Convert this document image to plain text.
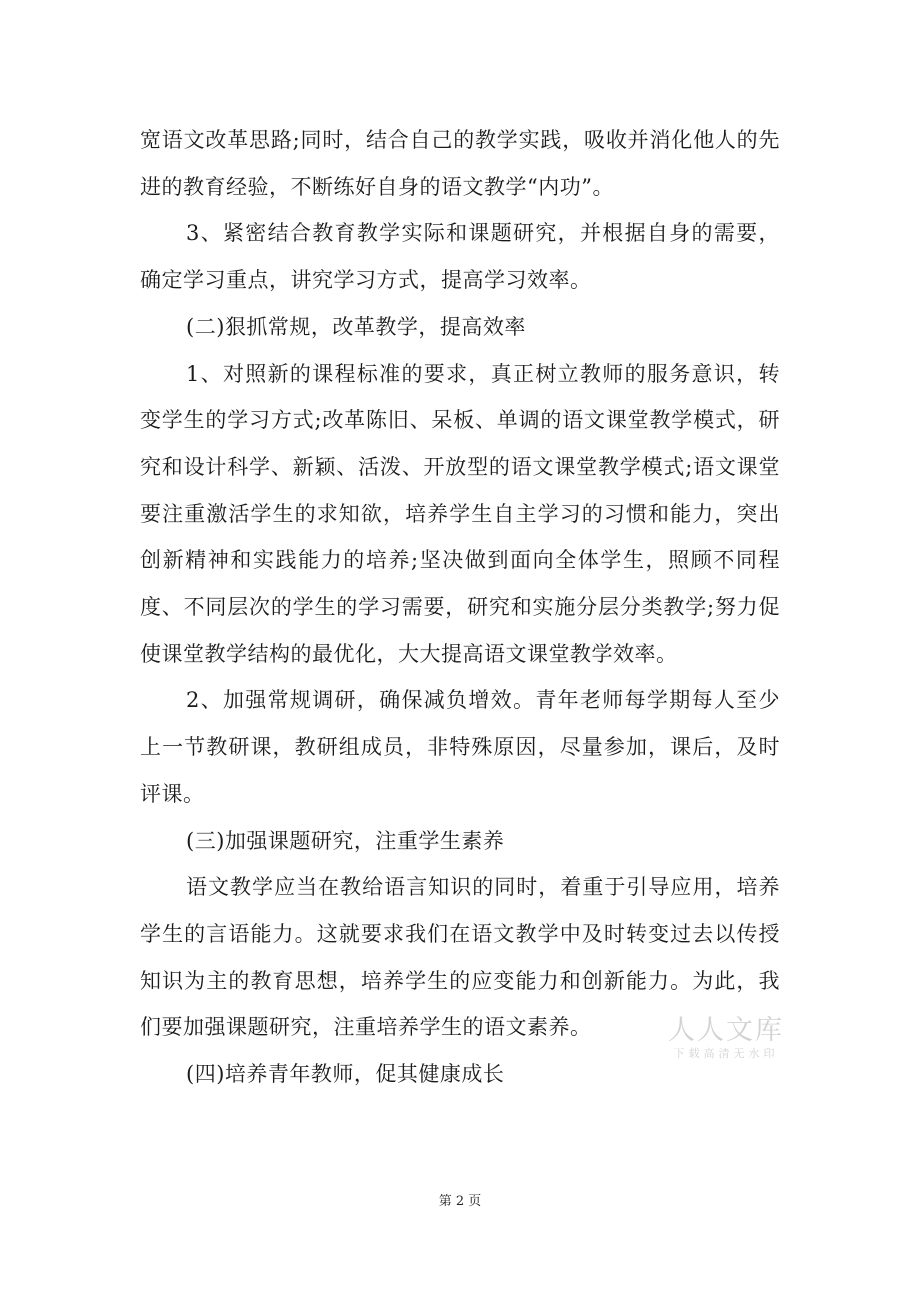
宽语文改革思路;同时，结合自己的教学实践，吸收并消化他人的先进的教育经验，不断练好自身的语文教学“内功”。

3、紧密结合教育教学实际和课题研究，并根据自身的需要，确定学习重点，讲究学习方式，提高学习效率。

(二)狠抓常规，改革教学，提高效率

1、对照新的课程标准的要求，真正树立教师的服务意识，转变学生的学习方式;改革陈旧、呆板、单调的语文课堂教学模式，研究和设计科学、新颖、活泼、开放型的语文课堂教学模式;语文课堂要注重激活学生的求知欲，培养学生自主学习的习惯和能力，突出创新精神和实践能力的培养;坚决做到面向全体学生，照顾不同程度、不同层次的学生的学习需要，研究和实施分层分类教学;努力促使课堂教学结构的最优化，大大提高语文课堂教学效率。

2、加强常规调研，确保减负增效。青年老师每学期每人至少上一节教研课，教研组成员，非特殊原因，尽量参加，课后，及时评课。

(三)加强课题研究，注重学生素养

语文教学应当在教给语言知识的同时，着重于引导应用，培养学生的言语能力。这就要求我们在语文教学中及时转变过去以传授知识为主的教育思想，培养学生的应变能力和创新能力。为此，我们要加强课题研究，注重培养学生的语文素养。

(四)培养青年教师，促其健康成长

人人文库
下载高清无水印
第 2 页
